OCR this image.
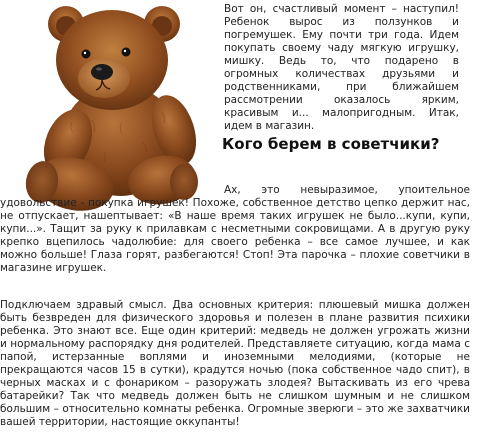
Вот он, счастливый момент – наступил! Ребенок вырос из ползунков и погремушек. Ему почти три года. Идем покупать своему чаду мягкую игрушку, мишку. Ведь то, что подарено в огромных количествах друзьями и родственниками, при ближайшем рассмотрении оказалось ярким, красивым и... малопригодным. Итак, идем в магазин.

Кого берем в советчики?

Ах, это невыразимое, упоительное удовольствие - покупка игрушек! Похоже, собственное детство цепко держит нас, не отпускает, нашептывает: «В наше время таких игрушек не было...купи, купи, купи...». Тащит за руку к прилавкам с несметными сокровищами. А в другую руку крепко вцепилось чадолюбие: для своего ребенка – все самое лучшее, и как можно больше! Глаза горят, разбегаются! Стоп! Эта парочка – плохие советчики в магазине игрушек.

Подключаем здравый смысл. Два основных критерия: плюшевый мишка должен быть безвреден для физического здоровья и полезен в плане развития психики ребенка. Это знают все. Еще один критерий: медведь не должен угрожать жизни и нормальному распорядку дня родителей. Представляете ситуацию, когда мама с папой, истерзанные воплями и иноземными мелодиями, (которые не прекращаются часов 15 в сутки), крадутся ночью (пока собственное чадо спит), в черных масках и с фонариком – разоружать злодея? Вытаскивать из его чрева батарейки? Так что медведь должен быть не слишком шумным и не слишком большим – относительно комнаты ребенка. Огромные зверюги – это же захватчики вашей территории, настоящие оккупанты!
